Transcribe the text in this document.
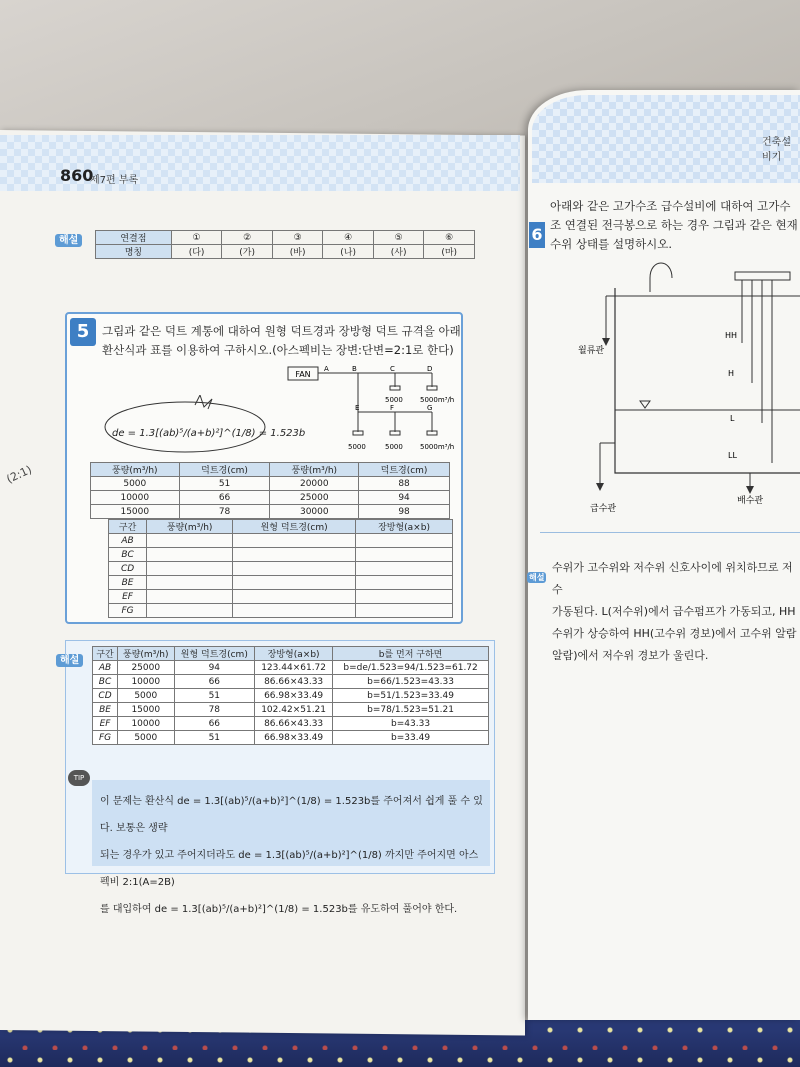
860
제7편 부록
해설	연결점	①	②	③	④	⑤	⑥
명칭	(다)	(가)	(바)	(나)	(사)	(마)
5	그림과 같은 덕트 계통에 대하여 원형 덕트경과 장방형 덕트 규격을 아래 환산식과 표를 이용하여 구하시오.(아스펙비는 장변:단변=2:1로 한다)
FAN
A	B	C	D
E	F	G
5000 5000m³/h
5000	5000 5000m³/h
de = 1.3[(ab)⁵/(a+b)²]^(1/8) = 1.523b
(2:1)	풍량(m³/h)	덕트경(cm)	풍량(m³/h)	덕트경(cm)
5000	51	20000	88
10000	66	25000	94
15000	78	30000	98
구간	풍량(m³/h)	원형 덕트경(cm)	장방형(a×b)
AB			
BC			
CD			
BE			
EF			
FG			
해설	구간	풍량(m³/h)	원형 덕트경(cm)	장방형(a×b)	b를 먼저 구하면
AB	25000	94	123.44×61.72	b=de/1.523=94/1.523=61.72
BC	10000	66	86.66×43.33	b=66/1.523=43.33
CD	5000	51	66.98×33.49	b=51/1.523=33.49
BE	15000	78	102.42×51.21	b=78/1.523=51.21
EF	10000	66	86.66×43.33	b=43.33
FG	5000	51	66.98×33.49	b=33.49
TIP
이 문제는 환산식 de = 1.3[(ab)⁵/(a+b)²]^(1/8) = 1.523b를 주어져서 쉽게 풀 수 있다. 보통은 생략
되는 경우가 있고 주어지더라도 de = 1.3[(ab)⁵/(a+b)²]^(1/8) 까지만 주어지면 아스펙비 2:1(A=2B)
를 대입하여 de = 1.3[(ab)⁵/(a+b)²]^(1/8) = 1.523b를 유도하여 풀어야 한다.
건축설비기
6
아래와 같은 고가수조 급수설비에 대하여 고가수조 연결된 전극봉으로 하는 경우 그림과 같은 현재 수위 상태를 설명하시오.
월류관
급수관
배수관
HH
H
L
LL
해설
수위가 고수위와 저수위 신호사이에 위치하므로 저수
가동된다. L(저수위)에서 급수펌프가 가동되고, HH
수위가 상승하여 HH(고수위 경보)에서 고수위 알람
알람)에서 저수위 경보가 울린다.
